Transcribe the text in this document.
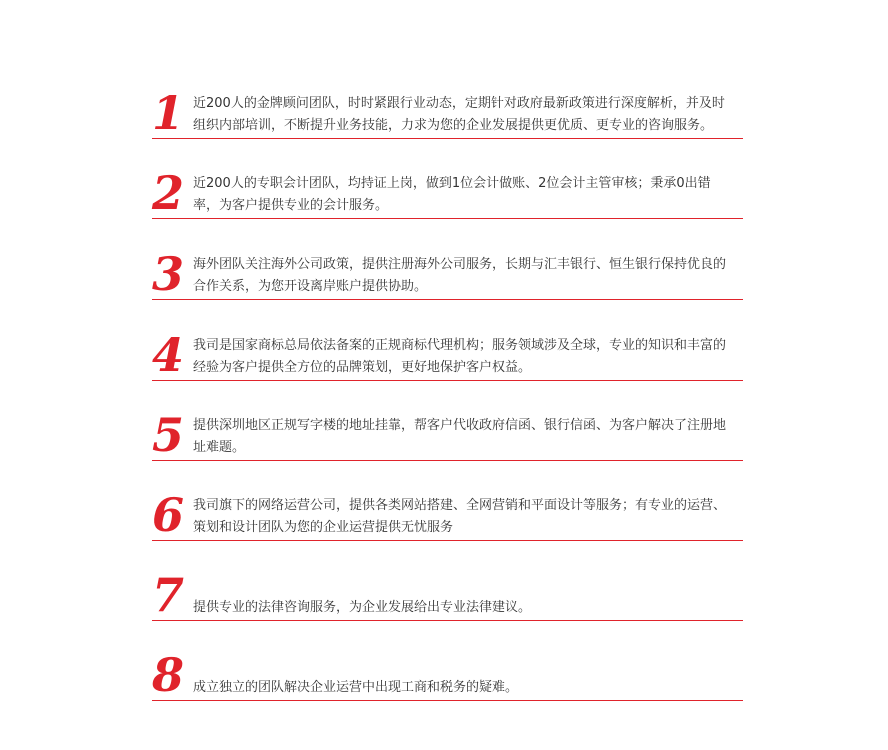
1 近200人的金牌顾问团队，时时紧跟行业动态，定期针对政府最新政策进行深度解析，并及时组织内部培训，不断提升业务技能，力求为您的企业发展提供更优质、更专业的咨询服务。
2 近200人的专职会计团队，均持证上岗，做到1位会计做账、2位会计主管审核；秉承0出错率，为客户提供专业的会计服务。
3 海外团队关注海外公司政策，提供注册海外公司服务，长期与汇丰银行、恒生银行保持优良的合作关系，为您开设离岸账户提供协助。
4 我司是国家商标总局依法备案的正规商标代理机构；服务领域涉及全球，专业的知识和丰富的经验为客户提供全方位的品牌策划，更好地保护客户权益。
5 提供深圳地区正规写字楼的地址挂靠，帮客户代收政府信函、银行信函、为客户解决了注册地址难题。
6 我司旗下的网络运营公司，提供各类网站搭建、全网营销和平面设计等服务；有专业的运营、策划和设计团队为您的企业运营提供无忧服务
7 提供专业的法律咨询服务，为企业发展给出专业法律建议。
8 成立独立的团队解决企业运营中出现工商和税务的疑难。
